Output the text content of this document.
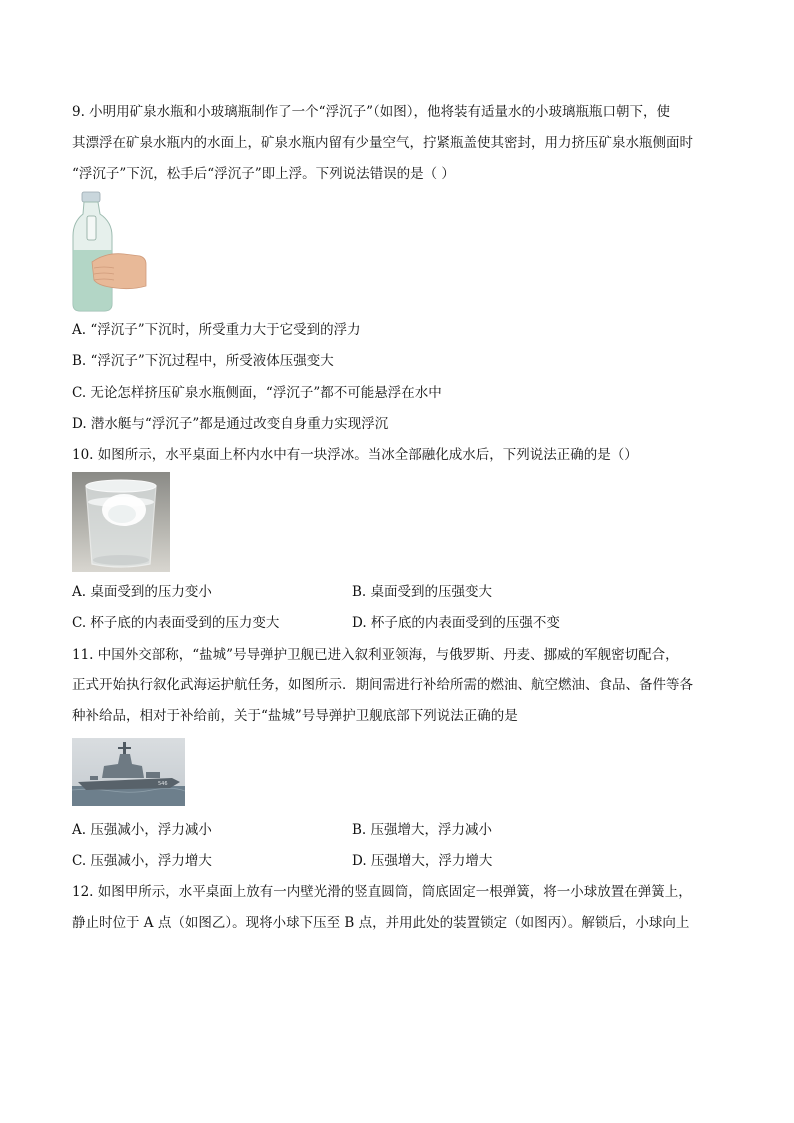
9. 小明用矿泉水瓶和小玻璃瓶制作了一个“浮沉子”（如图），他将装有适量水的小玻璃瓶瓶口朝下，使
其漂浮在矿泉水瓶内的水面上，矿泉水瓶内留有少量空气，拧紧瓶盖使其密封，用力挤压矿泉水瓶侧面时
“浮沉子”下沉，松手后“浮沉子”即上浮。下列说法错误的是（ ）
A. “浮沉子”下沉时，所受重力大于它受到的浮力
B. “浮沉子”下沉过程中，所受液体压强变大
C. 无论怎样挤压矿泉水瓶侧面，“浮沉子”都不可能悬浮在水中
D. 潜水艇与“浮沉子”都是通过改变自身重力实现浮沉
10. 如图所示，水平桌面上杯内水中有一块浮冰。当冰全部融化成水后，下列说法正确的是（）
A. 桌面受到的压力变小	B. 桌面受到的压强变大
C. 杯子底的内表面受到的压力变大	D. 杯子底的内表面受到的压强不变
11. 中国外交部称，“盐城”号导弹护卫舰已进入叙利亚领海，与俄罗斯、丹麦、挪威的军舰密切配合，
正式开始执行叙化武海运护航任务，如图所示．期间需进行补给所需的燃油、航空燃油、食品、备件等各
种补给品，相对于补给前，关于“盐城”号导弹护卫舰底部下列说法正确的是
546
A. 压强减小，浮力减小	B. 压强增大，浮力减小
C. 压强减小，浮力增大	D. 压强增大，浮力增大
12. 如图甲所示，水平桌面上放有一内壁光滑的竖直圆筒，筒底固定一根弹簧，将一小球放置在弹簧上，
静止时位于 A 点（如图乙）。现将小球下压至 B 点，并用此处的装置锁定（如图丙）。解锁后，小球向上
